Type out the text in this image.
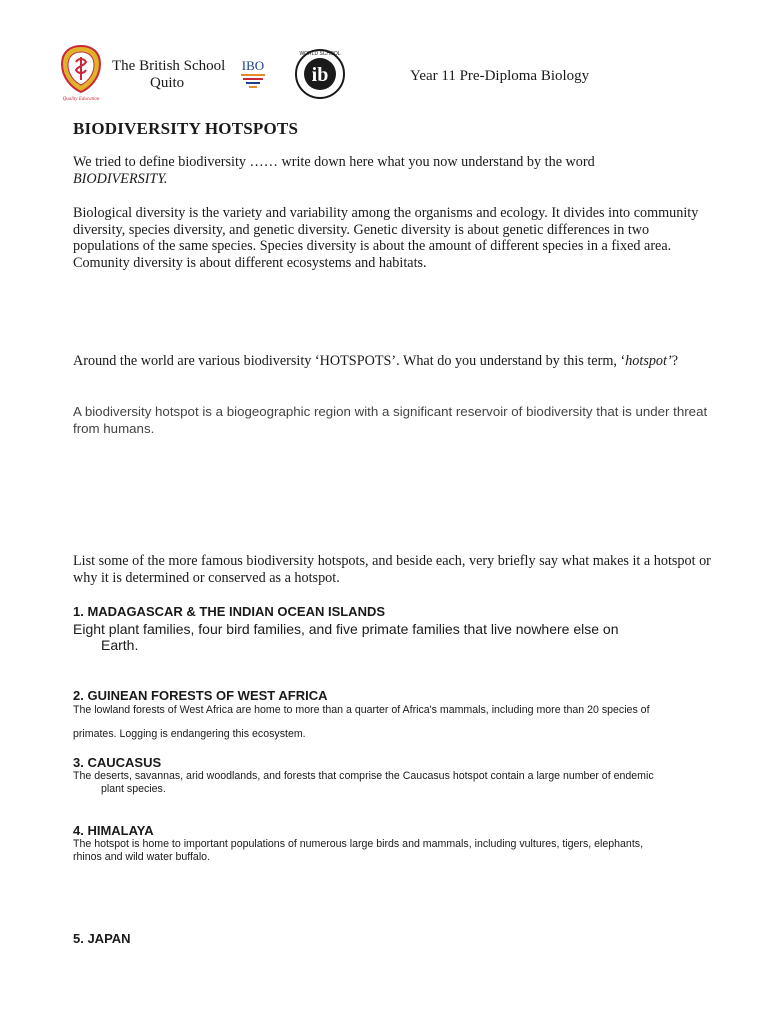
Quality Education
The British School
Quito
IBO ib
WORLD SCHOOL
Year 11 Pre-Diploma Biology
BIODIVERSITY HOTSPOTS

We tried to define biodiversity …… write down here what you now understand by the word
BIODIVERSITY.

Biological diversity is the variety and variability among the organisms and ecology. It divides into community diversity, species diversity, and genetic diversity. Genetic diversity is about genetic differences in two populations of the same species. Species diversity is about the amount of different species in a fixed area. Comunity diversity is about different ecosystems and habitats.

Around the world are various biodiversity ‘HOTSPOTS’. What do you understand by this term, ‘hotspot’?

A biodiversity hotspot is a biogeographic region with a significant reservoir of biodiversity that is under threat from humans.

List some of the more famous biodiversity hotspots, and beside each, very briefly say what makes it a hotspot or why it is determined or conserved as a hotspot.

1. MADAGASCAR & THE INDIAN OCEAN ISLANDS

Eight plant families, four bird families, and five primate families that live nowhere else on
Earth.

2. GUINEAN FORESTS OF WEST AFRICA

The lowland forests of West Africa are home to more than a quarter of Africa's mammals, including more than 20 species of

primates. Logging is endangering this ecosystem.

3. CAUCASUS

The deserts, savannas, arid woodlands, and forests that comprise the Caucasus hotspot contain a large number of endemic
plant species.

4. HIMALAYA

The hotspot is home to important populations of numerous large birds and mammals, including vultures, tigers, elephants,
rhinos and wild water buffalo.

5. JAPAN
